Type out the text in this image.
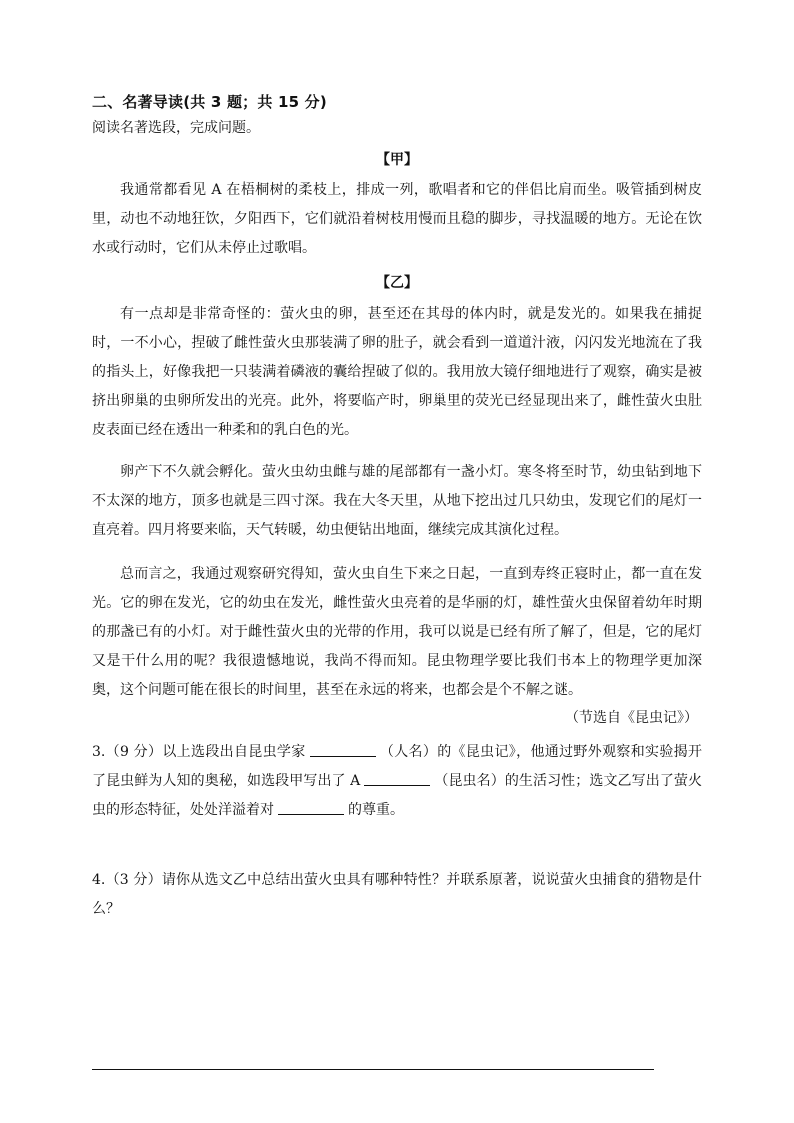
二、名著导读(共 3 题；共 15 分)
阅读名著选段，完成问题。
【甲】

我通常都看见 A 在梧桐树的柔枝上，排成一列，歌唱者和它的伴侣比肩而坐。吸管插到树皮里，动也不动地狂饮，夕阳西下，它们就沿着树枝用慢而且稳的脚步，寻找温暖的地方。无论在饮水或行动时，它们从未停止过歌唱。

【乙】

有一点却是非常奇怪的：萤火虫的卵，甚至还在其母的体内时，就是发光的。如果我在捕捉时，一不小心，捏破了雌性萤火虫那装满了卵的肚子，就会看到一道道汁液，闪闪发光地流在了我的指头上，好像我把一只装满着磷液的囊给捏破了似的。我用放大镜仔细地进行了观察，确实是被挤出卵巢的虫卵所发出的光亮。此外，将要临产时，卵巢里的荧光已经显现出来了，雌性萤火虫肚皮表面已经在透出一种柔和的乳白色的光。

卵产下不久就会孵化。萤火虫幼虫雌与雄的尾部都有一盏小灯。寒冬将至时节，幼虫钻到地下不太深的地方，顶多也就是三四寸深。我在大冬天里，从地下挖出过几只幼虫，发现它们的尾灯一直亮着。四月将要来临，天气转暖，幼虫便钻出地面，继续完成其演化过程。

总而言之，我通过观察研究得知，萤火虫自生下来之日起，一直到寿终正寝时止，都一直在发光。它的卵在发光，它的幼虫在发光，雌性萤火虫亮着的是华丽的灯，雄性萤火虫保留着幼年时期的那盏已有的小灯。对于雌性萤火虫的光带的作用，我可以说是已经有所了解了，但是，它的尾灯又是干什么用的呢？我很遗憾地说，我尚不得而知。昆虫物理学要比我们书本上的物理学更加深奥，这个问题可能在很长的时间里，甚至在永远的将来，也都会是个不解之谜。

（节选自《昆虫记》）

3.（9 分）以上选段出自昆虫学家	（人名）的《昆虫记》，他通过野外观察和实验揭开了昆虫鲜为人知的奥秘，如选段甲写出了 A	（昆虫名）的生活习性；选文乙写出了萤火虫的形态特征，处处洋溢着对	的尊重。

4.（3 分）请你从选文乙中总结出萤火虫具有哪种特性？并联系原著，说说萤火虫捕食的猎物是什么？
